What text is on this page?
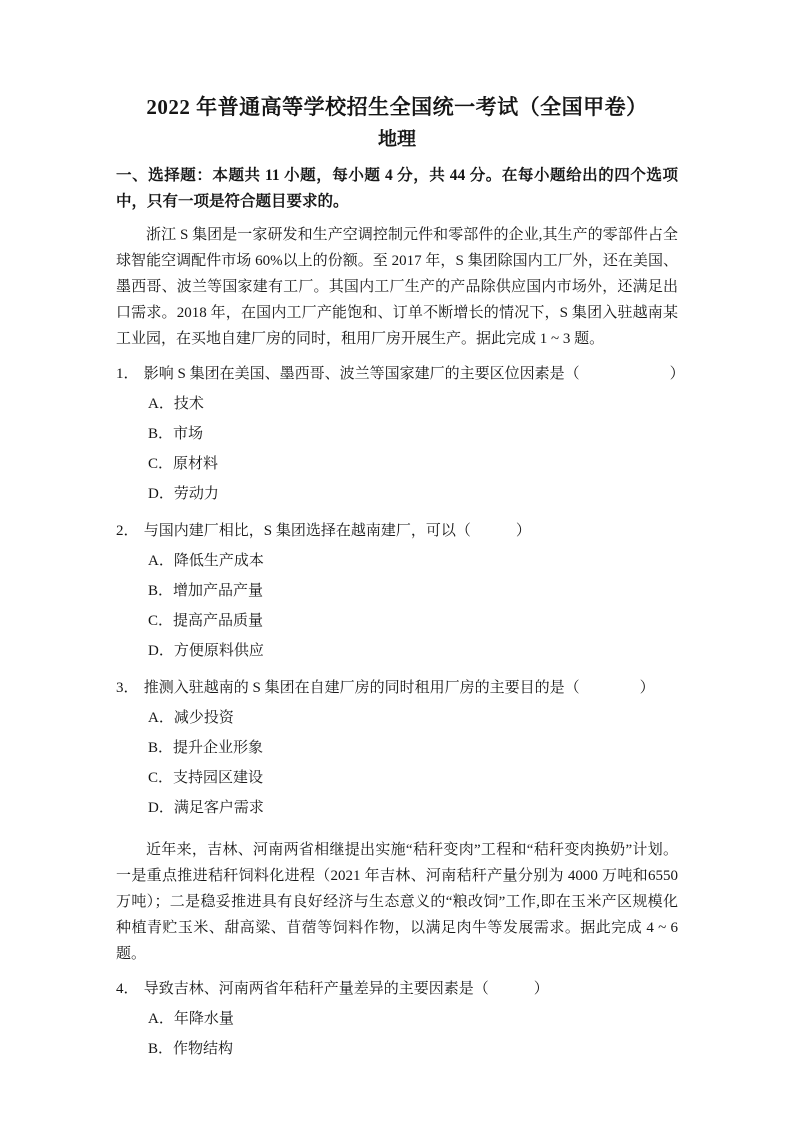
2022 年普通高等学校招生全国统一考试（全国甲卷）
地理

一、选择题：本题共 11 小题，每小题 4 分，共 44 分。在每小题给出的四个选项中，只有一项是符合题目要求的。

浙江 S 集团是一家研发和生产空调控制元件和零部件的企业,其生产的零部件占全球智能空调配件市场 60%以上的份额。至 2017 年，S 集团除国内工厂外，还在美国、墨西哥、波兰等国家建有工厂。其国内工厂生产的产品除供应国内市场外，还满足出口需求。2018 年，在国内工厂产能饱和、订单不断增长的情况下，S 集团入驻越南某工业园，在买地自建厂房的同时，租用厂房开展生产。据此完成 1 ~ 3 题。

1． 影响 S 集团在美国、墨西哥、波兰等国家建厂的主要区位因素是（　　　　　　）
A．技术
B．市场
C．原材料
D．劳动力
2． 与国内建厂相比，S 集团选择在越南建厂，可以（　　　）
A．降低生产成本
B．增加产品产量
C．提高产品质量
D．方便原料供应
3． 推测入驻越南的 S 集团在自建厂房的同时租用厂房的主要目的是（　　　　）
A．减少投资
B．提升企业形象
C．支持园区建设
D．满足客户需求

近年来，吉林、河南两省相继提出实施“秸秆变肉”工程和“秸秆变肉换奶”计划。一是重点推进秸秆饲料化进程（2021 年吉林、河南秸秆产量分别为 4000 万吨和6550 万吨）；二是稳妥推进具有良好经济与生态意义的“粮改饲”工作,即在玉米产区规模化种植青贮玉米、甜高粱、苜蓿等饲料作物，以满足肉牛等发展需求。据此完成 4 ~ 6 题。

4． 导致吉林、河南两省年秸秆产量差异的主要因素是（　　　）
A．年降水量
B．作物结构
